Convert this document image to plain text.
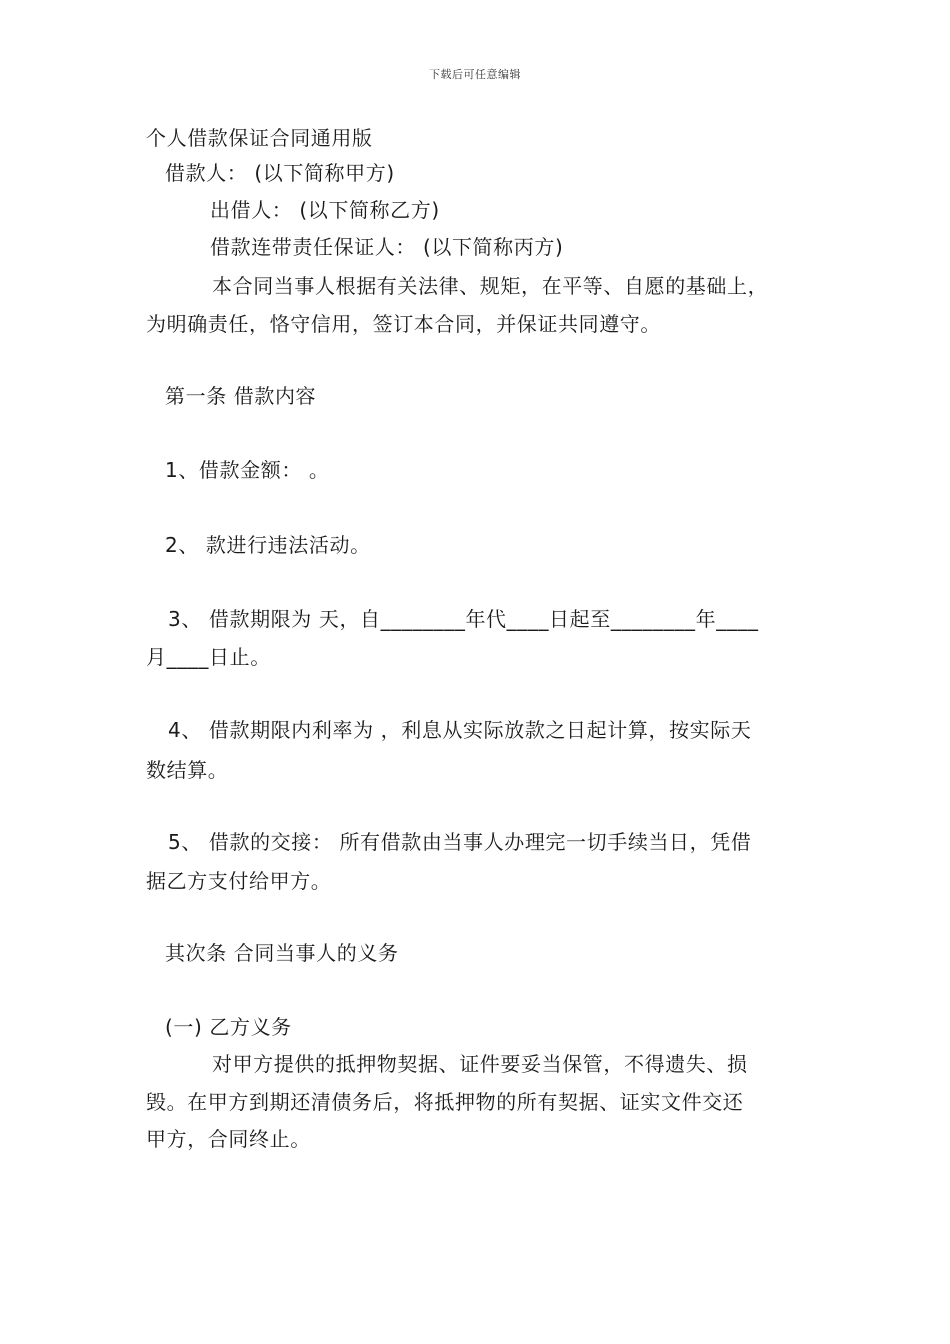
下载后可任意编辑
个人借款保证合同通用版
借款人： (以下简称甲方)
出借人： (以下简称乙方)
借款连带责任保证人： (以下简称丙方)
本合同当事人根据有关法律、规矩，在平等、自愿的基础上，
为明确责任，恪守信用，签订本合同，并保证共同遵守。
第一条 借款内容
1、借款金额： 。
2、 款进行违法活动。
3、 借款期限为 天，自________年代____日起至________年____
月____日止。
4、 借款期限内利率为 ，利息从实际放款之日起计算，按实际天
数结算。
5、 借款的交接： 所有借款由当事人办理完一切手续当日，凭借
据乙方支付给甲方。
其次条 合同当事人的义务
(一) 乙方义务
对甲方提供的抵押物契据、证件要妥当保管，不得遗失、损
毁。在甲方到期还清债务后，将抵押物的所有契据、证实文件交还
甲方，合同终止。
